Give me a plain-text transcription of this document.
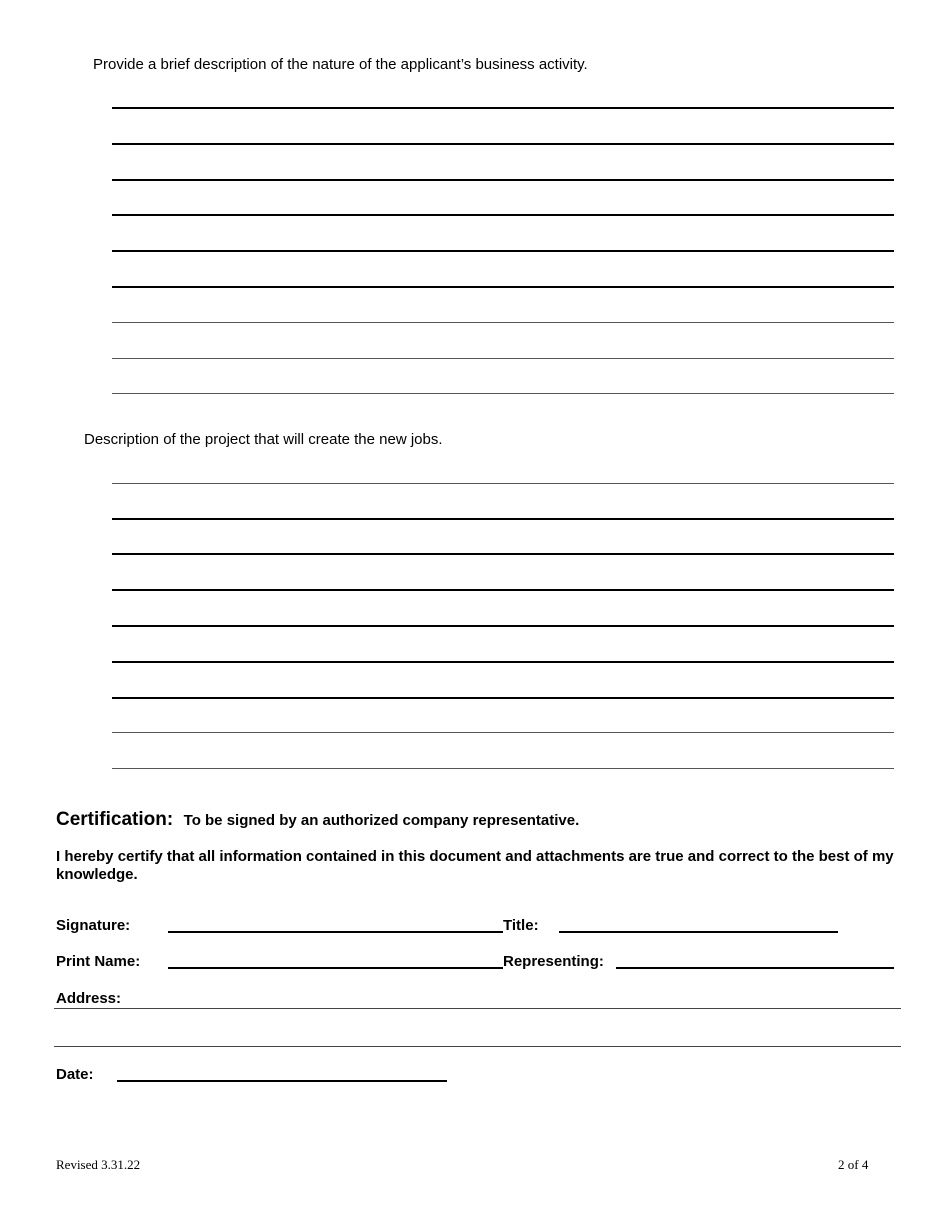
Provide a brief description of the nature of the applicant’s business activity.
Description of the project that will create the new jobs.
Certification: To be signed by an authorized company representative.
I hereby certify that all information contained in this document and attachments are true and correct to the best of my knowledge.
Signature:	Title:
Print Name:	Representing:
Address:
Date:
Revised 3.31.22	2 of 4
